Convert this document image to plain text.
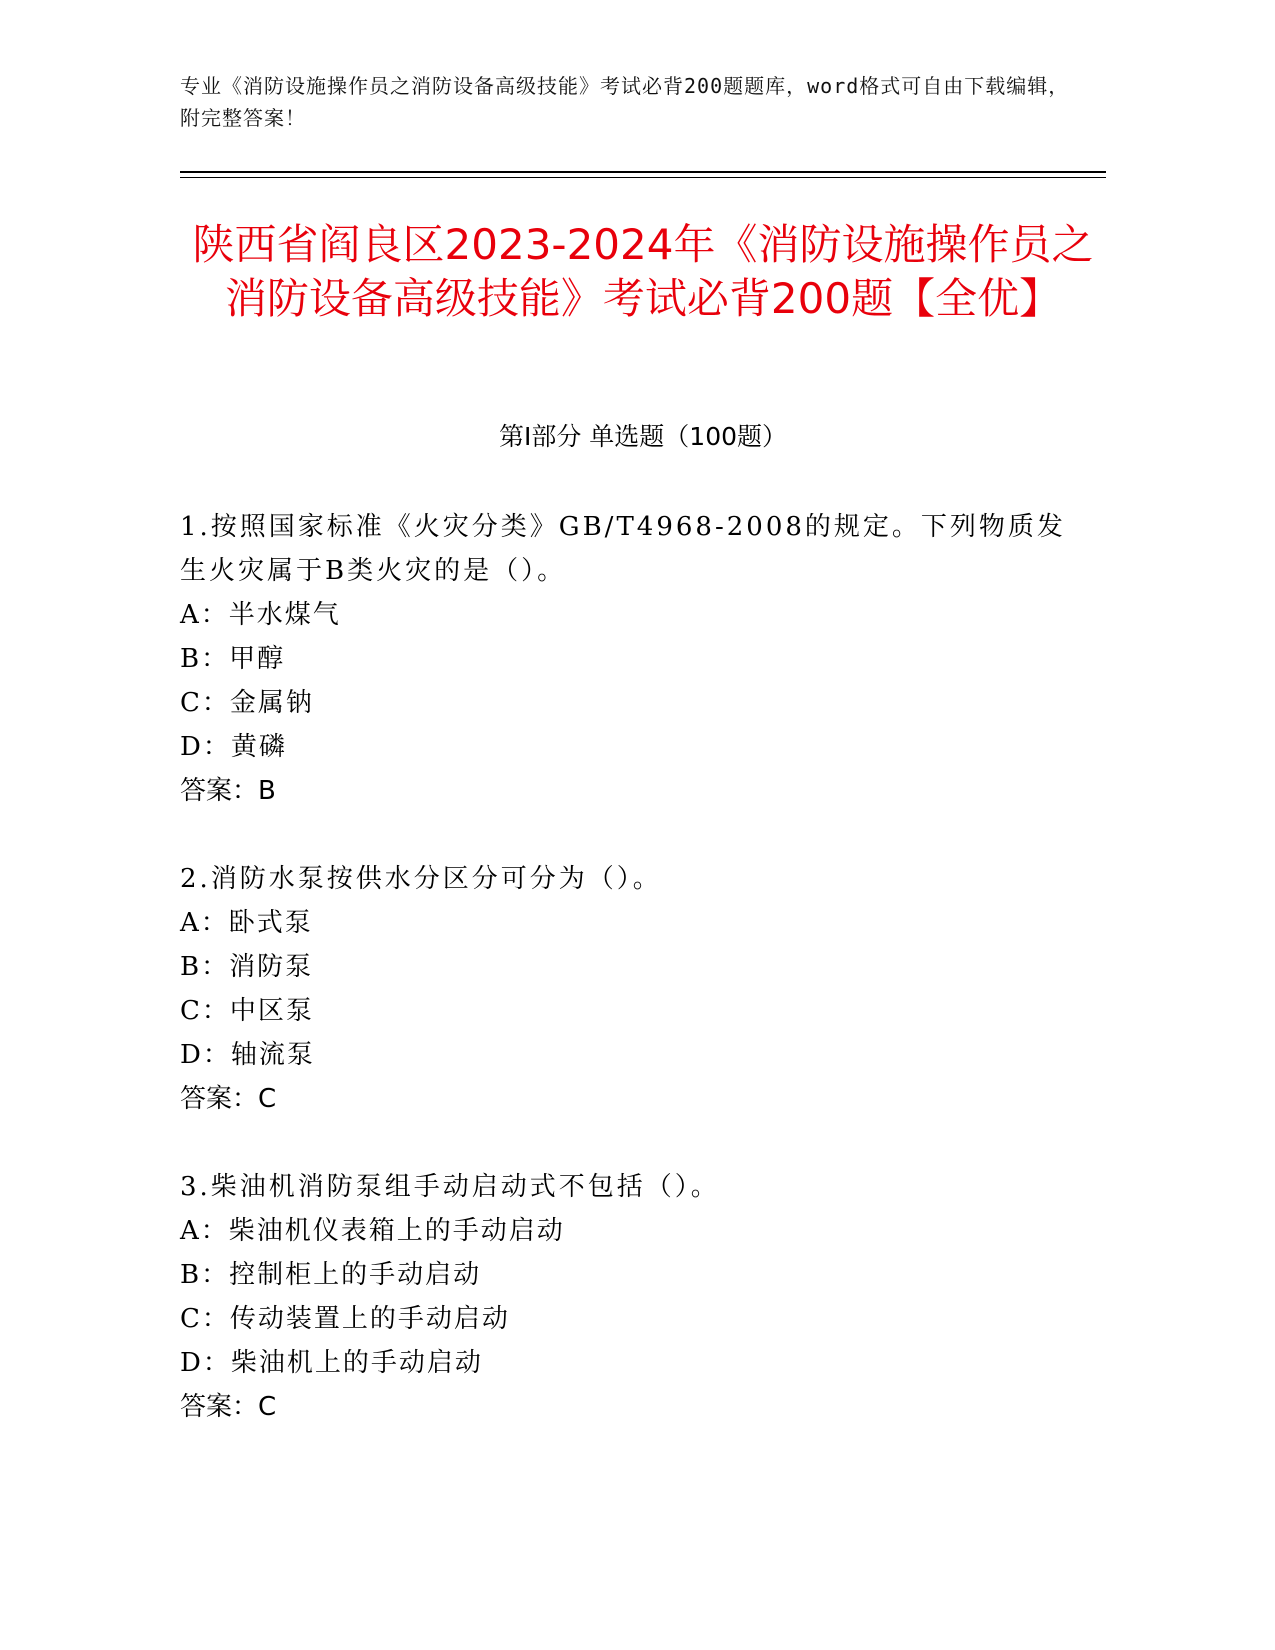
专业《消防设施操作员之消防设备高级技能》考试必背200题题库，word格式可自由下载编辑，附完整答案！
陕西省阎良区2023-2024年《消防设施操作员之消防设备高级技能》考试必背200题【全优】
第Ⅰ部分 单选题（100题）
1.按照国家标准《火灾分类》GB/T4968-2008的规定。下列物质发生火灾属于B类火灾的是（）。
A：半水煤气
B：甲醇
C：金属钠
D：黄磷
答案：B
2.消防水泵按供水分区分可分为（）。
A：卧式泵
B：消防泵
C：中区泵
D：轴流泵
答案：C
3.柴油机消防泵组手动启动式不包括（）。
A：柴油机仪表箱上的手动启动
B：控制柜上的手动启动
C：传动装置上的手动启动
D：柴油机上的手动启动
答案：C
